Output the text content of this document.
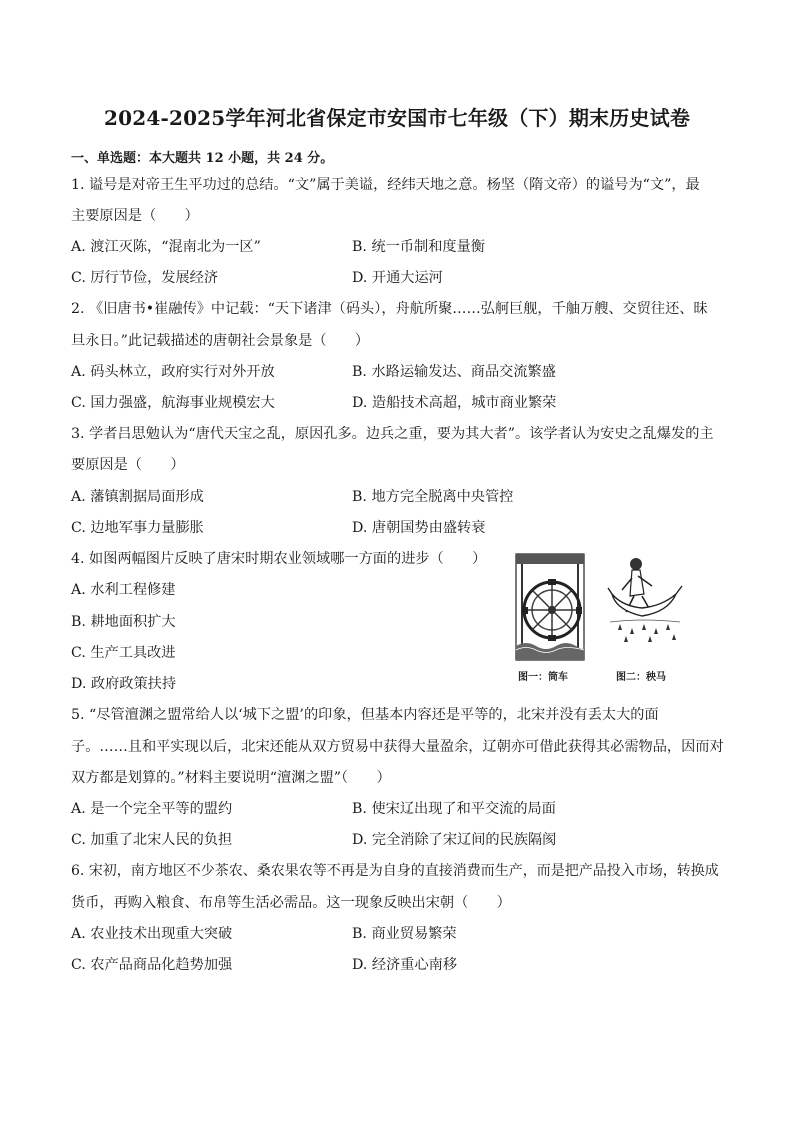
2024-2025学年河北省保定市安国市七年级（下）期末历史试卷
一、单选题：本大题共 12 小题，共 24 分。
1. 谥号是对帝王生平功过的总结。“文”属于美谥，经纬天地之意。杨坚（隋文帝）的谥号为“文”，最
主要原因是（　　）
A. 渡江灭陈，“混南北为一区”	B. 统一币制和度量衡
C. 厉行节俭，发展经济	D. 开通大运河
2. 《旧唐书•崔融传》中记载：“天下诸津（码头），舟航所聚……弘舸巨舰，千舳万艘、交贸往还、昧
旦永日。”此记载描述的唐朝社会景象是（　　）
A. 码头林立，政府实行对外开放	B. 水路运输发达、商品交流繁盛
C. 国力强盛，航海事业规模宏大	D. 造船技术高超，城市商业繁荣
3. 学者吕思勉认为“唐代天宝之乱，原因孔多。边兵之重，要为其大者”。该学者认为安史之乱爆发的主
要原因是（　　）
A. 藩镇割据局面形成	B. 地方完全脱离中央管控
C. 边地军事力量膨胀	D. 唐朝国势由盛转衰
4. 如图两幅图片反映了唐宋时期农业领域哪一方面的进步（　　）
A. 水利工程修建
B. 耕地面积扩大
C. 生产工具改进
D. 政府政策扶持	图一：筒车	图二：秧马
5. “尽管澶渊之盟常给人以‘城下之盟’的印象，但基本内容还是平等的，北宋并没有丢太大的面
子。……且和平实现以后，北宋还能从双方贸易中获得大量盈余，辽朝亦可借此获得其必需物品，因而对
双方都是划算的。”材料主要说明“澶渊之盟”（　　）
A. 是一个完全平等的盟约	B. 使宋辽出现了和平交流的局面
C. 加重了北宋人民的负担	D. 完全消除了宋辽间的民族隔阂
6. 宋初，南方地区不少茶农、桑农果农等不再是为自身的直接消费而生产，而是把产品投入市场，转换成
货币，再购入粮食、布帛等生活必需品。这一现象反映出宋朝（　　）
A. 农业技术出现重大突破	B. 商业贸易繁荣
C. 农产品商品化趋势加强	D. 经济重心南移
